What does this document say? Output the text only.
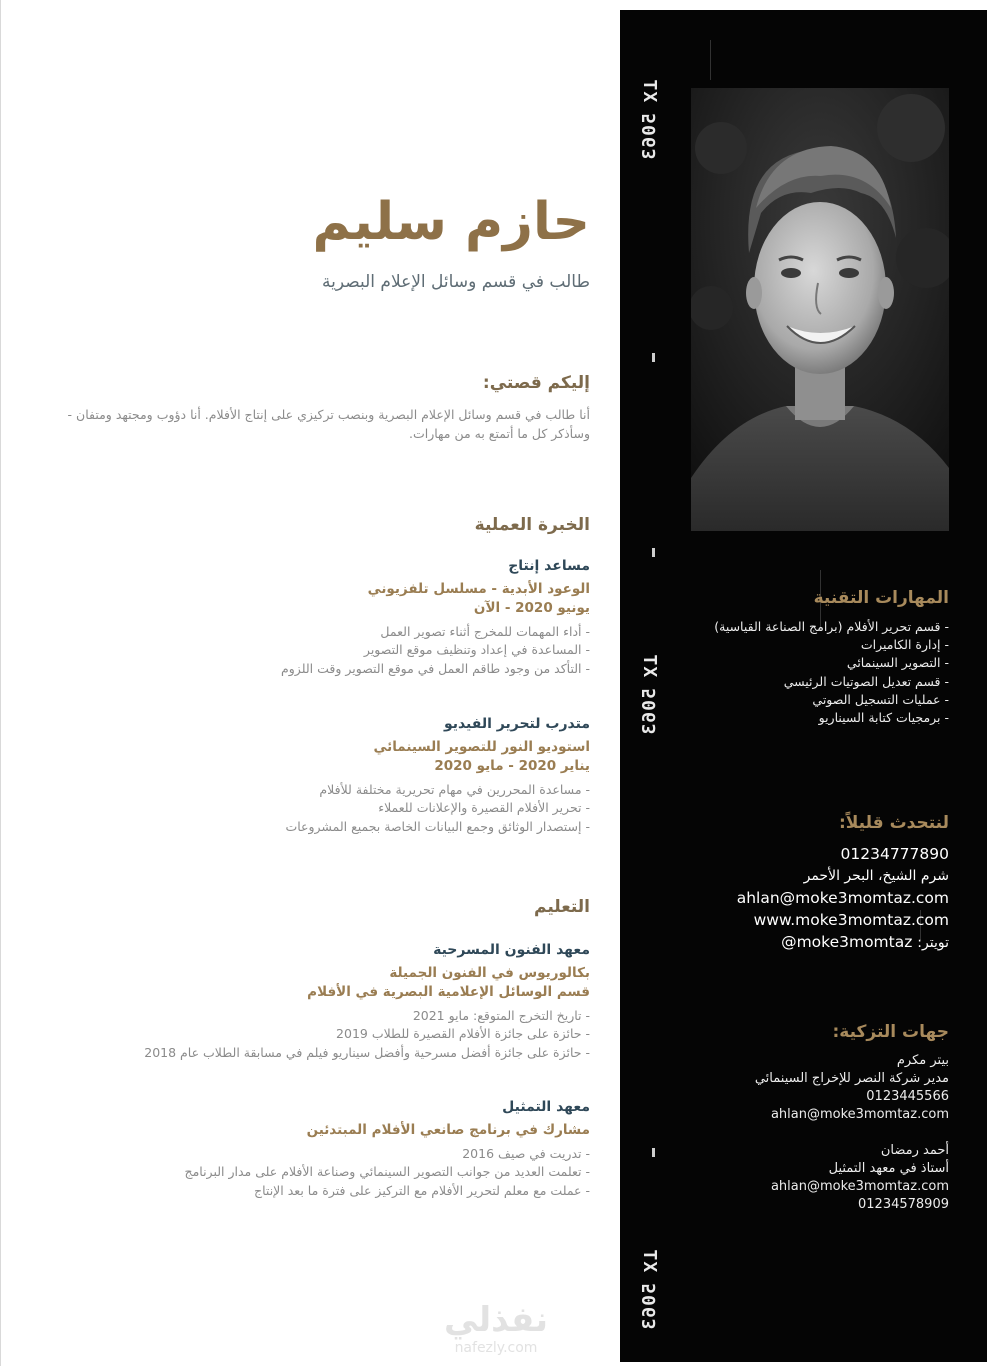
حازم سليم
طالب في قسم وسائل الإعلام البصرية
إليكم قصتي:
أنا طالب في قسم وسائل الإعلام البصرية وبنصب تركيزي على إنتاج الأفلام. أنا دؤوب ومجتهد ومتفان - وسأذكر كل ما أتمتع به من مهارات.
الخبرة العملية
مساعد إنتاج
الوعود الأبدية - مسلسل تلفزيوني
يونيو 2020 - الآن
- أداء المهمات للمخرج أثناء تصوير العمل
- المساعدة في إعداد وتنظيف موقع التصوير
- التأكد من وجود طاقم العمل في موقع التصوير وقت اللزوم
متدرب لتحرير الفيديو
استوديو النور للتصوير السينمائي
يناير 2020 - مايو 2020
- مساعدة المحررين في مهام تحريرية مختلفة للأفلام
- تحرير الأفلام القصيرة والإعلانات للعملاء
- إستصدار الوثائق وجمع البيانات الخاصة بجميع المشروعات
التعليم
معهد الفنون المسرحية
بكالوريوس في الفنون الجميلة
قسم الوسائل الإعلامية البصرية في الأفلام
- تاريخ التخرج المتوقع: مايو 2021
- حائزة على جائزة الأفلام القصيرة للطلاب 2019
- حائزة على جائزة أفضل مسرحية وأفضل سيناريو فيلم في مسابقة الطلاب عام 2018
معهد التمثيل
مشارك في برنامج صانعي الأفلام المبتدئين
- تدريت في صيف 2016
- تعلمت العديد من جوانب التصوير السينمائي وصناعة الأفلام على مدار البرنامج
- عملت مع معلم لتحرير الأفلام مع التركيز على فترة ما بعد الإنتاج
نفذلي
nafezly.com
TX
5063
TX
5063
TX
5063
المهارات التقنية
- قسم تحرير الأفلام (برامج الصناعة القياسية)
- إدارة الكاميرات
- التصوير السينمائي
- قسم تعديل الصوتيات الرئيسي
- عمليات التسجيل الصوتي
- برمجيات كتابة السيناريو
لنتحدث قليلاً:
01234777890
شرم الشيخ، البحر الأحمر
ahlan@moke3momtaz.com
www.moke3momtaz.com
تويتر: moke3momtaz@
جهات التزكية:
بيتر مكرم
مدير شركة النصر للإخراج السينمائي
0123445566
ahlan@moke3momtaz.com
أحمد رمضان
أستاذ في معهد التمثيل
ahlan@moke3momtaz.com
01234578909
